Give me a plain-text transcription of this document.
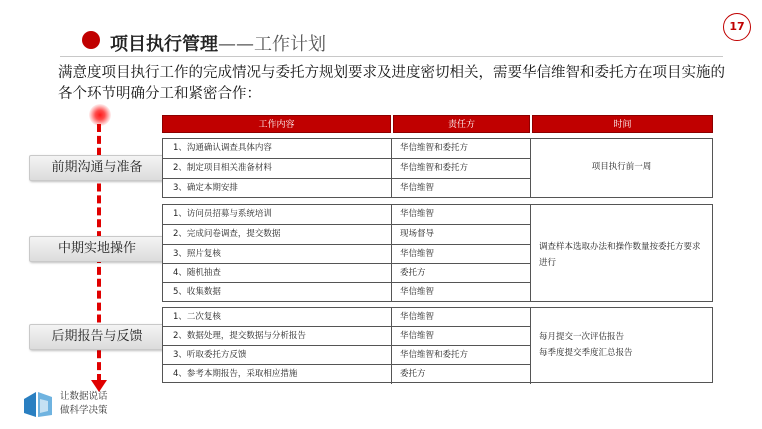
项目执行管理——工作计划
17
满意度项目执行工作的完成情况与委托方规划要求及进度密切相关，需要华信维智和委托方在项目实施的各个环节明确分工和紧密合作：
前期沟通与准备
中期实地操作
后期报告与反馈
工作内容	责任方	时间
1、沟通确认调查具体内容	华信维智和委托方
2、制定项目相关准备材料	华信维智和委托方
3、确定本期安排	华信维智
项目执行前一周
1、访问员招募与系统培训	华信维智
2、完成问卷调查，提交数据	现场督导
3、照片复核	华信维智
4、随机抽查	委托方
5、收集数据	华信维智
调查样本选取办法和操作数量按委托方要求进行
1、二次复核	华信维智
2、数据处理，提交数据与分析报告	华信维智
3、听取委托方反馈	华信维智和委托方
4、参考本期报告，采取相应措施	委托方
每月提交一次评估报告
每季度提交季度汇总报告
让数据说话
做科学决策
